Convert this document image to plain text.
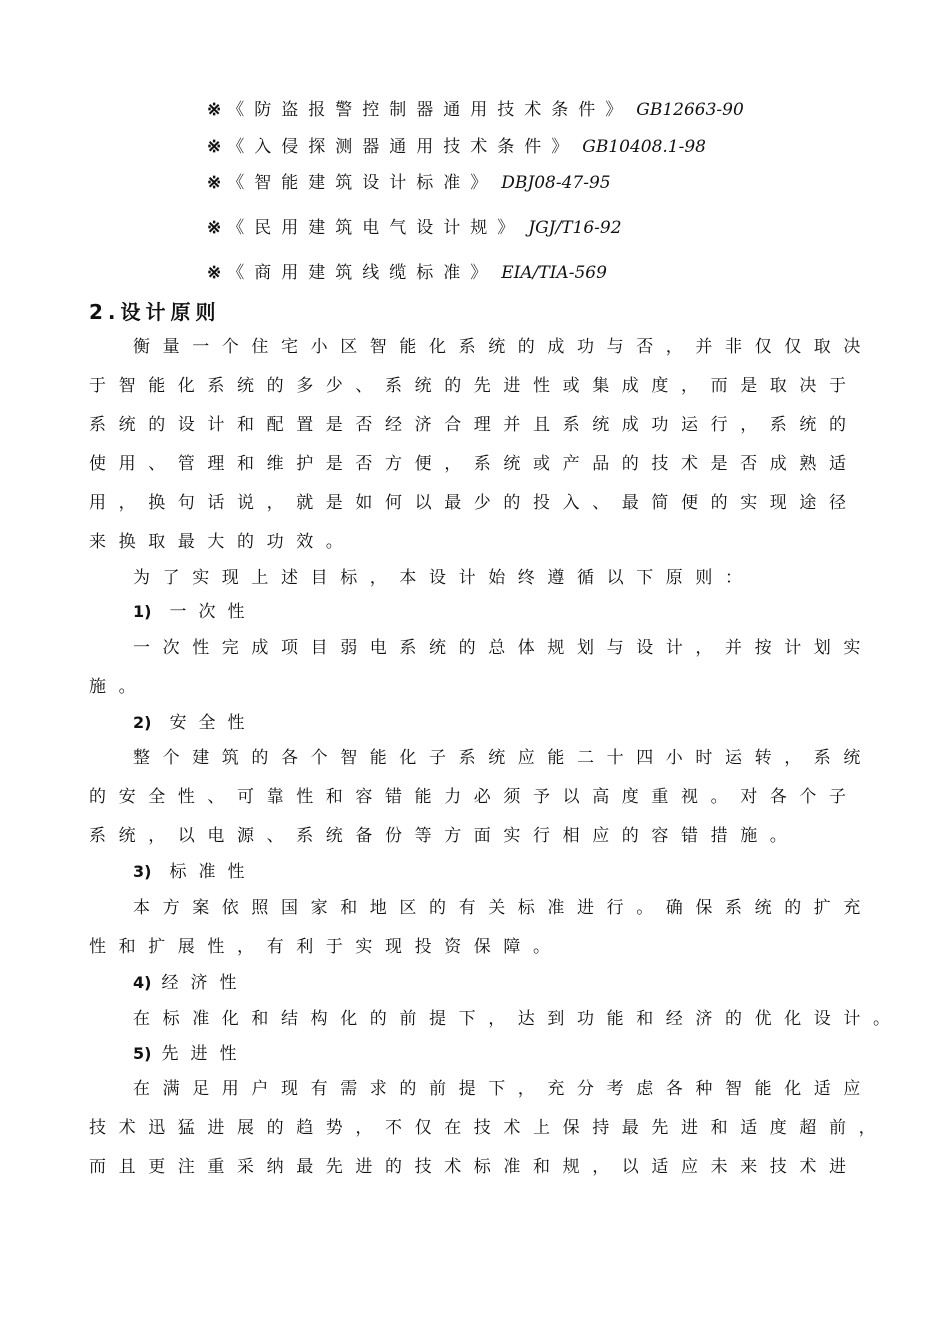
※ 《防盗报警控制器通用技术条件》 GB12663-90
※ 《入侵探测器通用技术条件》 GB10408.1-98
※ 《智能建筑设计标准》 DBJ08-47-95
※ 《民用建筑电气设计规》 JGJ/T16-92
※ 《商用建筑线缆标准》 EIA/TIA-569
2.设计原则
衡量一个住宅小区智能化系统的成功与否，并非仅仅取决
于智能化系统的多少、系统的先进性或集成度，而是取决于
系统的设计和配置是否经济合理并且系统成功运行，系统的
使用、管理和维护是否方便，系统或产品的技术是否成熟适
用，换句话说，就是如何以最少的投入、最简便的实现途径
来换取最大的功效。
为了实现上述目标，本设计始终遵循以下原则：
1) 一次性
一次性完成项目弱电系统的总体规划与设计，并按计划实
施。
2) 安全性
整个建筑的各个智能化子系统应能二十四小时运转，系统
的安全性、可靠性和容错能力必须予以高度重视。对各个子
系统，以电源、系统备份等方面实行相应的容错措施。
3) 标准性
本方案依照国家和地区的有关标准进行。确保系统的扩充
性和扩展性，有利于实现投资保障。
4) 经济性
在标准化和结构化的前提下，达到功能和经济的优化设计。
5) 先进性
在满足用户现有需求的前提下，充分考虑各种智能化适应
技术迅猛进展的趋势，不仅在技术上保持最先进和适度超前，
而且更注重采纳最先进的技术标准和规，以适应未来技术进
